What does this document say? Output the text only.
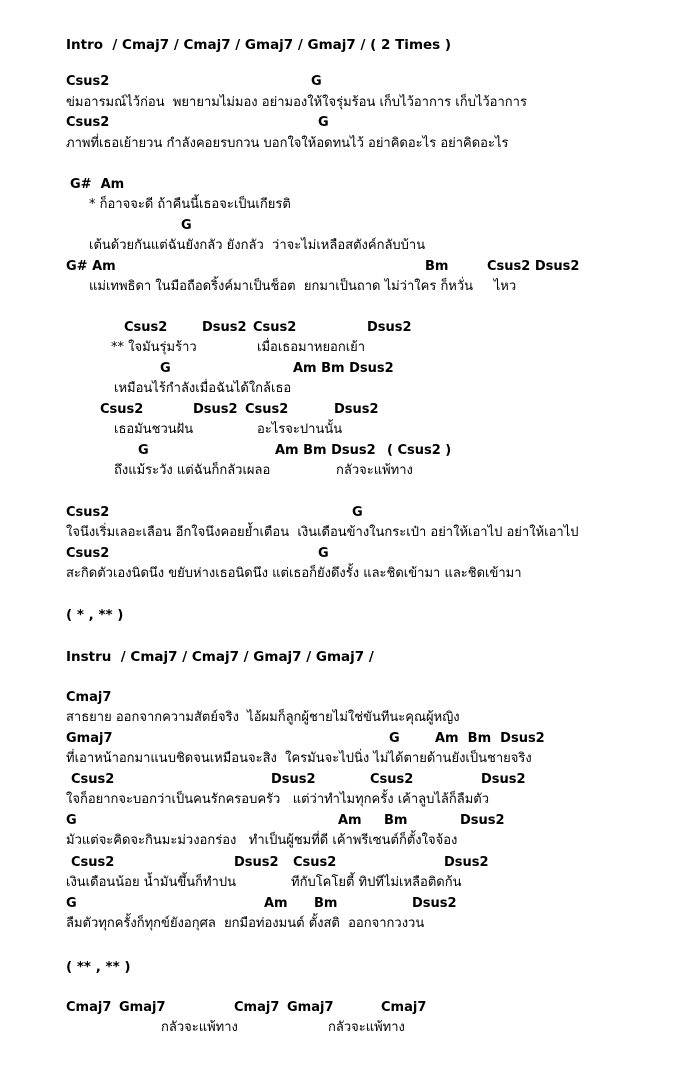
Intro  / Cmaj7 / Cmaj7 / Gmaj7 / Gmaj7 / ( 2 Times )
Csus2	G
ข่มอารมณ์ไว้ก่อน  พยายามไม่มอง อย่ามองให้ใจรุ่มร้อน เก็บไว้อาการ เก็บไว้อาการ
Csus2	G
ภาพที่เธอเย้ายวน กำลังคอยรบกวน บอกใจให้อดทนไว้ อย่าคิดอะไร อย่าคิดอะไร
G#  Am
* ก็อาจจะดี ถ้าคืนนี้เธอจะเป็นเกียรติ
G
เต้นด้วยกันแต่ฉันยังกลัว ยังกลัว  ว่าจะไม่เหลือสตังค์กลับบ้าน
G# Am	Bm	Csus2 Dsus2
แม่เทพธิดา ในมือถือดริ้งค์มาเป็นช็อต  ยกมาเป็นถาด ไม่ว่าใคร ก็หวั่น     ไหว
Csus2	Dsus2 Csus2	Dsus2
** ใจมันรุ่มร้าว	เมื่อเธอมาหยอกเย้า
G	Am Bm Dsus2
เหมือนไร้กำลังเมื่อฉันได้ใกล้เธอ
Csus2	Dsus2 Csus2	Dsus2
เธอมันชวนฝัน	อะไรจะปานนั้น
G	Am Bm Dsus2 ( Csus2 )
ถึงแม้ระวัง แต่ฉันก็กลัวเผลอ	กลัวจะแพ้ทาง
Csus2	G
ใจนึงเริ่มเลอะเลือน อีกใจนึงคอยย้ำเตือน  เงินเดือนข้างในกระเป๋า อย่าให้เอาไป อย่าให้เอาไป
Csus2	G
สะกิดตัวเองนิดนึง ขยับห่างเธอนิดนึง แต่เธอก็ยังดึงรั้ง และชิดเข้ามา และชิดเข้ามา
( * , ** )
Instru  / Cmaj7 / Cmaj7 / Gmaj7 / Gmaj7 /
Cmaj7
สาธยาย ออกจากความสัตย์จริง  ไอ้ผมก็ลูกผู้ชายไม่ใช่ขันทีนะคุณผู้หญิง
Gmaj7	G	Am  Bm  Dsus2
ที่เอาหน้าอกมาแนบชิดจนเหมือนจะสิง  ใครมันจะไปนิ่ง ไม่ได้ตายด้านยังเป็นชายจริง
Csus2	Dsus2	Csus2	Dsus2
ใจก็อยากจะบอกว่าเป็นคนรักครอบครัว   แต่ว่าทำไมทุกครั้ง เค้าลูบไล้ก็ลืมตัว
G	Am Bm	Dsus2
มัวแต่จะคิดจะกินมะม่วงอกร่อง   ทำเป็นผู้ชมที่ดี เค้าพรีเซนต์ก็ตั้งใจจ้อง
Csus2	Dsus2 Csus2	Dsus2
เงินเดือนน้อย น้ำมันขึ้นก็ทำปน	ทีกับโคโยตี้ ทิปทีไม่เหลือติดก้น
G	Am Bm	Dsus2
ลืมตัวทุกครั้งก็ทุกข์ยังอกุศล  ยกมือท่องมนต์ ตั้งสติ  ออกจากวงวน
( ** , ** )
Cmaj7 Gmaj7	Cmaj7 Gmaj7	Cmaj7
กลัวจะแพ้ทาง	กลัวจะแพ้ทาง
